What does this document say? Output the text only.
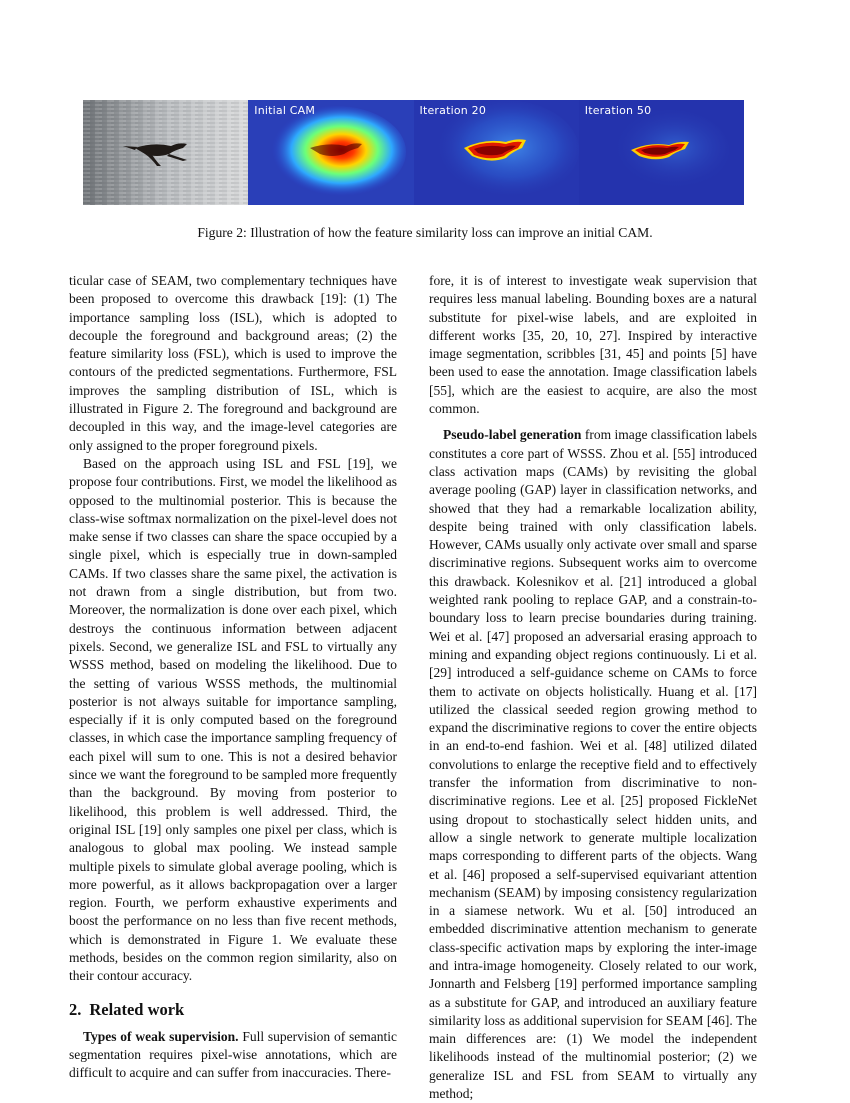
Initial CAM	Iteration 20	Iteration 50
Figure 2: Illustration of how the feature similarity loss can improve an initial CAM.

ticular case of SEAM, two complementary techniques have been proposed to overcome this drawback [19]: (1) The importance sampling loss (ISL), which is adopted to decouple the foreground and background areas; (2) the feature similarity loss (FSL), which is used to improve the contours of the predicted segmentations. Furthermore, FSL improves the sampling distribution of ISL, which is illustrated in Figure 2. The foreground and background are decoupled in this way, and the image-level categories are only assigned to the proper foreground pixels.

Based on the approach using ISL and FSL [19], we propose four contributions. First, we model the likelihood as opposed to the multinomial posterior. This is because the class-wise softmax normalization on the pixel-level does not make sense if two classes can share the space occupied by a single pixel, which is especially true in down-sampled CAMs. If two classes share the same pixel, the activation is not drawn from a single distribution, but from two. Moreover, the normalization is done over each pixel, which destroys the continuous information between adjacent pixels. Second, we generalize ISL and FSL to virtually any WSSS method, based on modeling the likelihood. Due to the setting of various WSSS methods, the multinomial posterior is not always suitable for importance sampling, especially if it is only computed based on the foreground classes, in which case the importance sampling frequency of each pixel will sum to one. This is not a desired behavior since we want the foreground to be sampled more frequently than the background. By moving from posterior to likelihood, this problem is well addressed. Third, the original ISL [19] only samples one pixel per class, which is analogous to global max pooling. We instead sample multiple pixels to simulate global average pooling, which is more powerful, as it allows backpropagation over a larger region. Fourth, we perform exhaustive experiments and boost the performance on no less than five recent methods, which is demonstrated in Figure 1. We evaluate these methods, besides on the common region similarity, also on their contour accuracy.

2. Related work

Types of weak supervision. Full supervision of semantic segmentation requires pixel-wise annotations, which are difficult to acquire and can suffer from inaccuracies. There-

fore, it is of interest to investigate weak supervision that requires less manual labeling. Bounding boxes are a natural substitute for pixel-wise labels, and are exploited in different works [35, 20, 10, 27]. Inspired by interactive image segmentation, scribbles [31, 45] and points [5] have been used to ease the annotation. Image classification labels [55], which are the easiest to acquire, are also the most common.

Pseudo-label generation from image classification labels constitutes a core part of WSSS. Zhou et al. [55] introduced class activation maps (CAMs) by revisiting the global average pooling (GAP) layer in classification networks, and showed that they had a remarkable localization ability, despite being trained with only classification labels. However, CAMs usually only activate over small and sparse discriminative regions. Subsequent works aim to overcome this drawback. Kolesnikov et al. [21] introduced a global weighted rank pooling to replace GAP, and a constrain-to-boundary loss to learn precise boundaries during training. Wei et al. [47] proposed an adversarial erasing approach to mining and expanding object regions continuously. Li et al. [29] introduced a self-guidance scheme on CAMs to force them to activate on objects holistically. Huang et al. [17] utilized the classical seeded region growing method to expand the discriminative regions to cover the entire objects in an end-to-end fashion. Wei et al. [48] utilized dilated convolutions to enlarge the receptive field and to effectively transfer the information from discriminative to non-discriminative regions. Lee et al. [25] proposed FickleNet using dropout to stochastically select hidden units, and allow a single network to generate multiple localization maps corresponding to different parts of the objects. Wang et al. [46] proposed a self-supervised equivariant attention mechanism (SEAM) by imposing consistency regularization in a siamese network. Wu et al. [50] introduced an embedded discriminative attention mechanism to generate class-specific activation maps by exploring the inter-image and intra-image homogeneity. Closely related to our work, Jonnarth and Felsberg [19] performed importance sampling as a substitute for GAP, and introduced an auxiliary feature similarity loss as additional supervision for SEAM [46]. The main differences are: (1) We model the independent likelihoods instead of the multinomial posterior; (2) we generalize ISL and FSL from SEAM to virtually any method;
